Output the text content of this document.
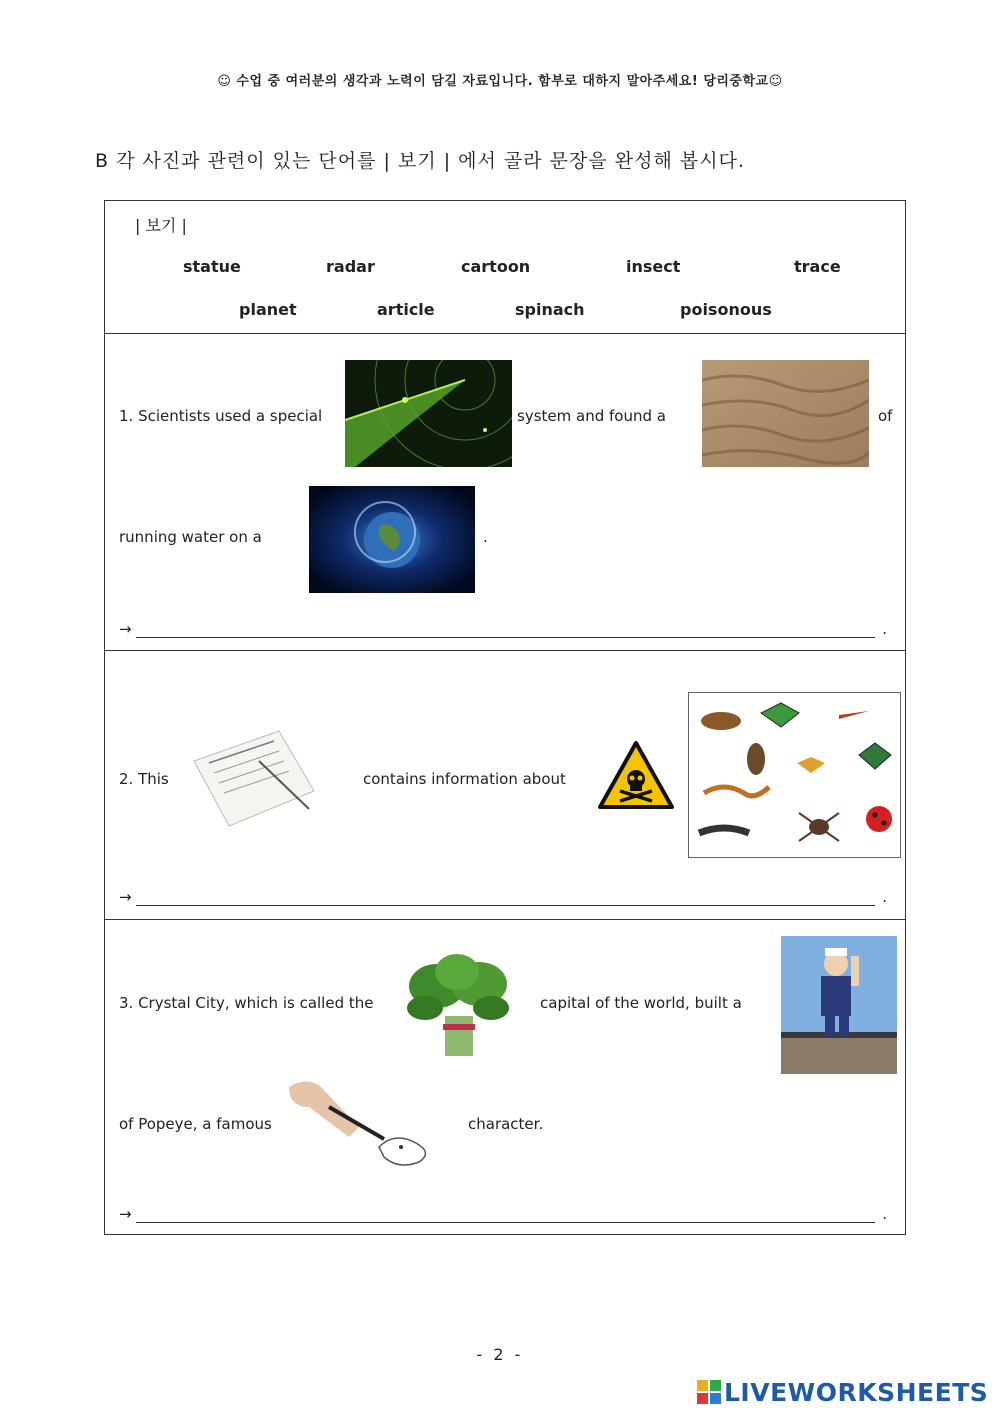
☺ 수업 중 여러분의 생각과 노력이 담길 자료입니다. 함부로 대하지 말아주세요! 당리중학교☺
B 각 사진과 관련이 있는 단어를 | 보기 | 에서 골라 문장을 완성해 봅시다.
| 보기 |
statue	radar	cartoon	insect	trace
planet	article	spinach	poisonous
1. Scientists used a special	system and found a	of
running water on a	.
→	.
2. This	contains information about
→	.
3. Crystal City, which is called the	capital of the world, built a
of Popeye, a famous	character.
→	.
- 2 -
LIVEWORKSHEETS
